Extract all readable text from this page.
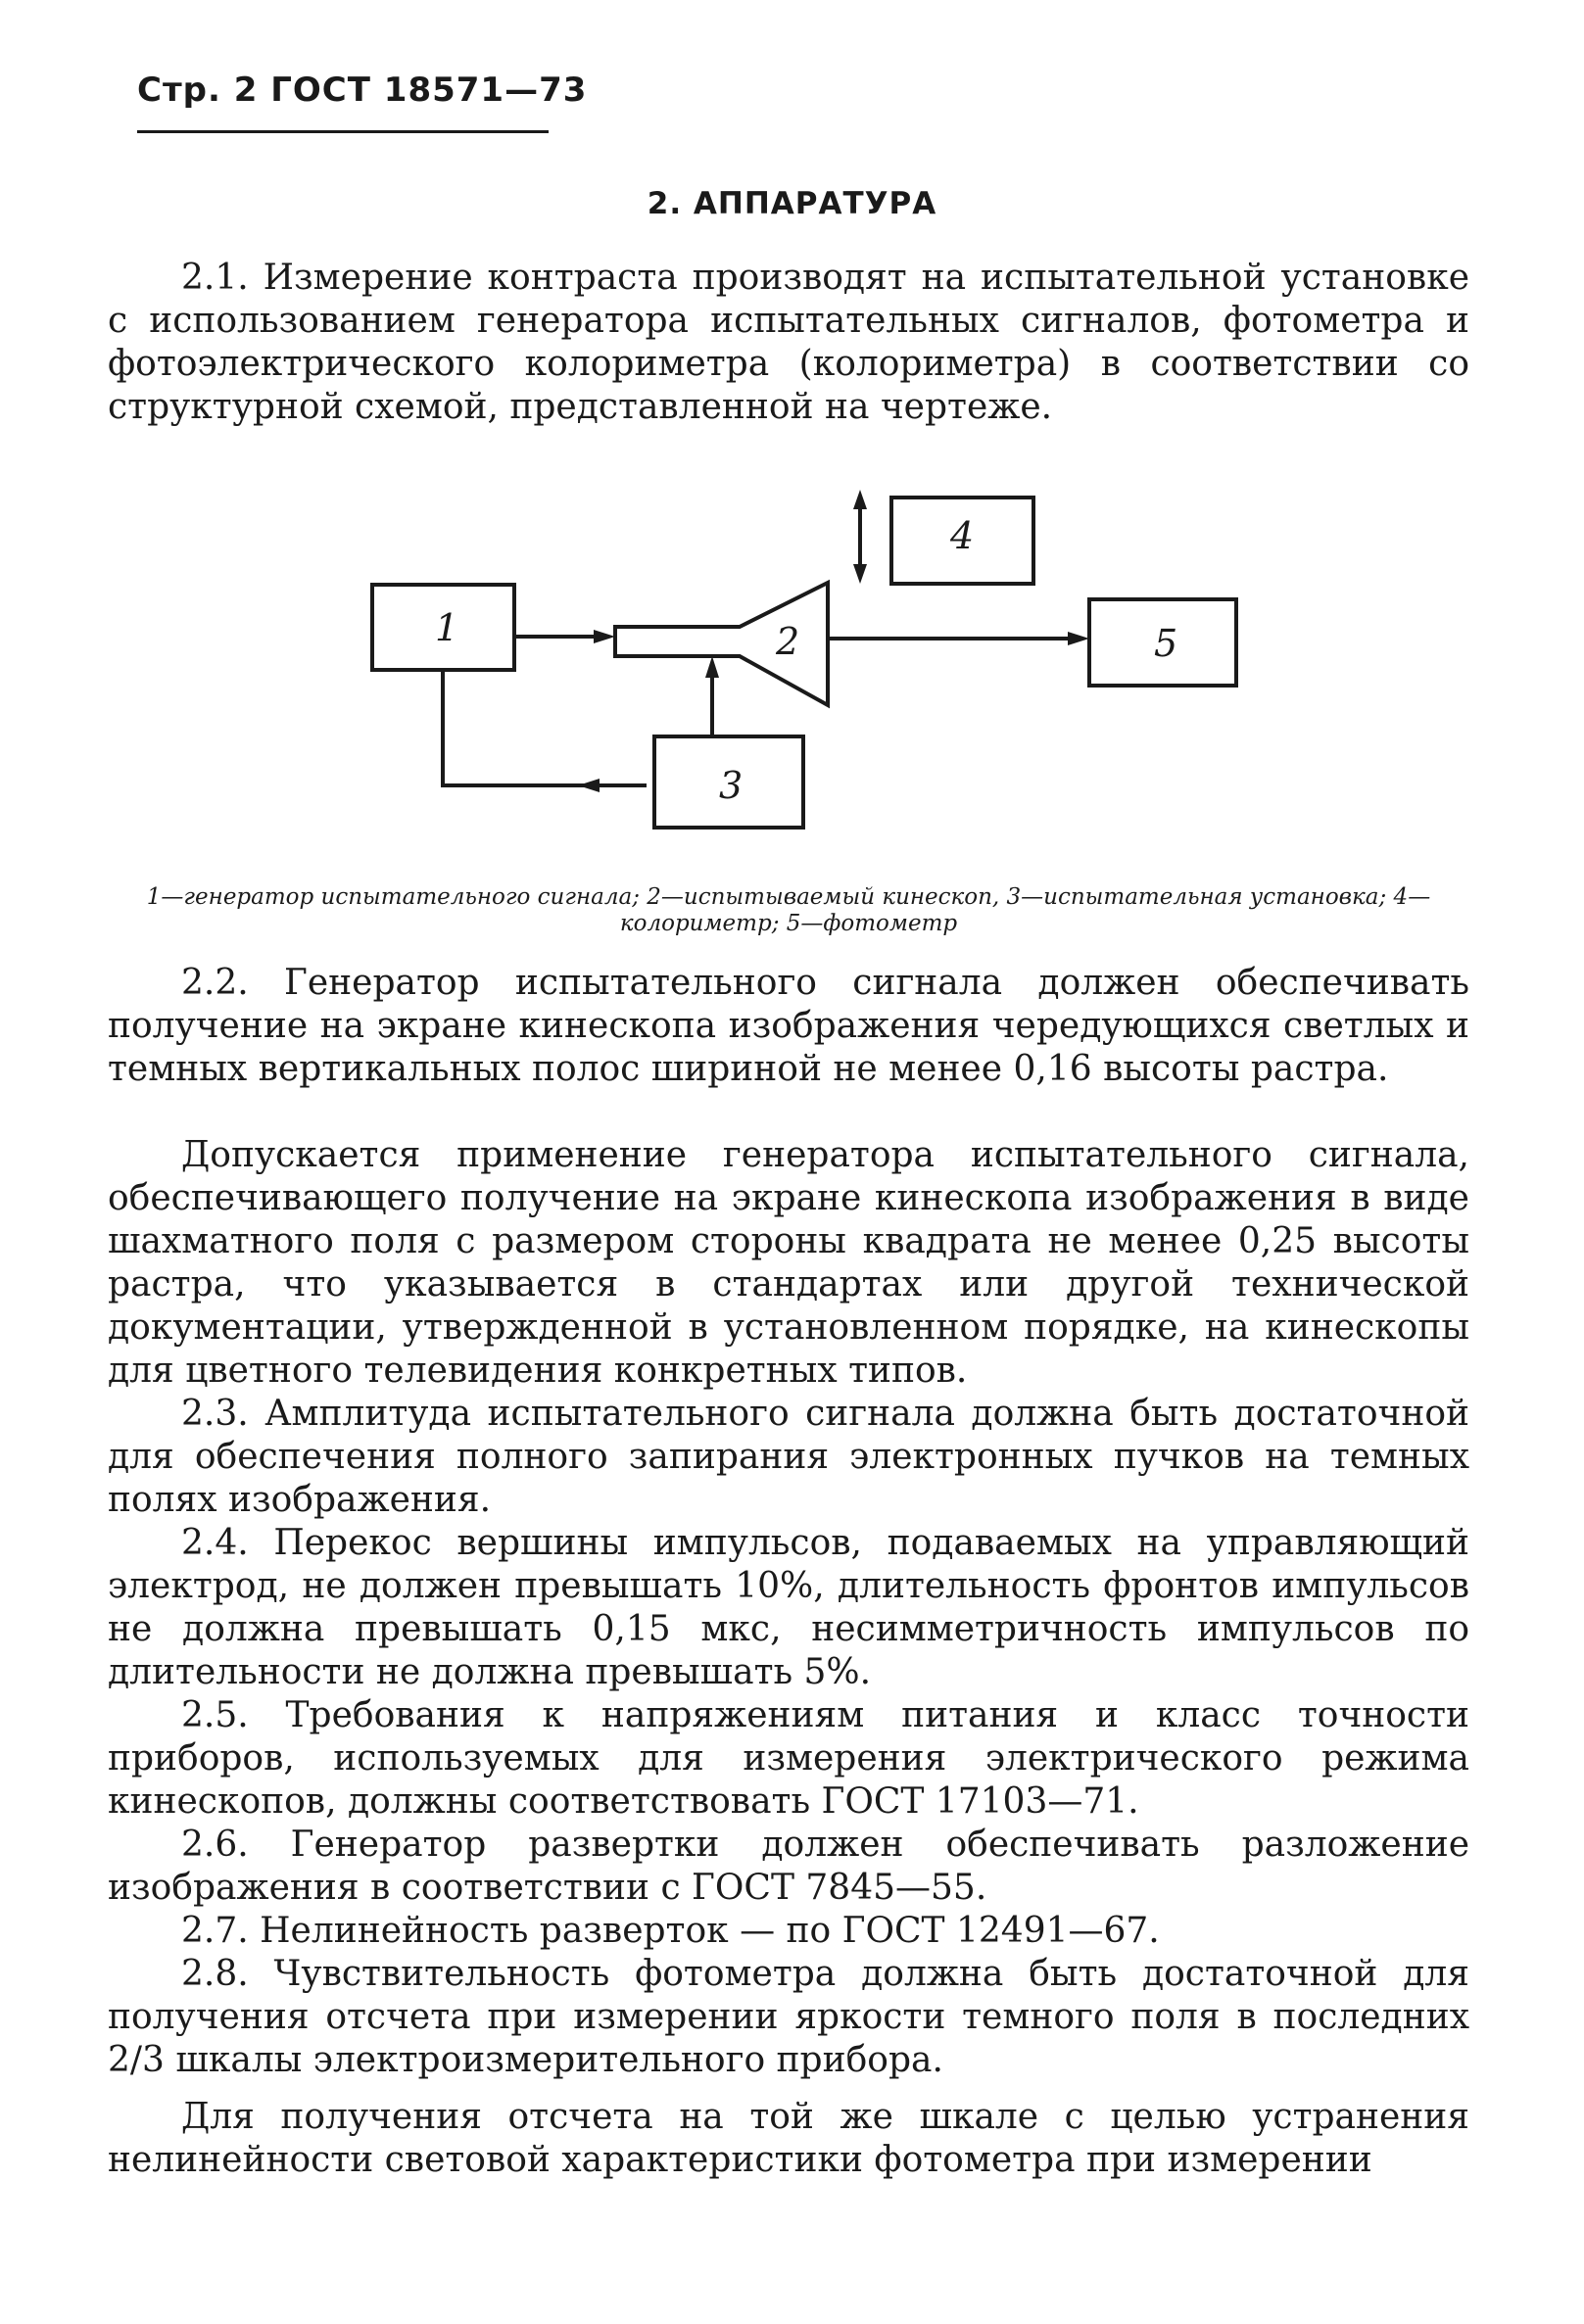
Стр. 2 ГОСТ 18571—73
2. АППАРАТУРА

2.1. Измерение контраста производят на испытательной установке с использованием генератора испытательных сигналов, фотометра и фотоэлектрического колориметра (колориметра) в соответствии со структурной схемой, представленной на чертеже.

1	2
3
4
5
1—генератор испытательного сигнала; 2—испытываемый кинескоп, 3—испытательная установка; 4—колориметр; 5—фотометр

2.2. Генератор испытательного сигнала должен обеспечивать получение на экране кинескопа изображения чередующихся светлых и темных вертикальных полос шириной не менее 0,16 высоты растра.

Допускается применение генератора испытательного сигнала, обеспечивающего получение на экране кинескопа изображения в виде шахматного поля с размером стороны квадрата не менее 0,25 высоты растра, что указывается в стандартах или другой технической документации, утвержденной в установленном порядке, на кинескопы для цветного телевидения конкретных типов.

2.3. Амплитуда испытательного сигнала должна быть достаточной для обеспечения полного запирания электронных пучков на темных полях изображения.

2.4. Перекос вершины импульсов, подаваемых на управляющий электрод, не должен превышать 10%, длительность фронтов импульсов не должна превышать 0,15 мкс, несимметричность импульсов по длительности не должна превышать 5%.

2.5. Требования к напряжениям питания и класс точности приборов, используемых для измерения электрического режима кинескопов, должны соответствовать ГОСТ 17103—71.

2.6. Генератор развертки должен обеспечивать разложение изображения в соответствии с ГОСТ 7845—55.

2.7. Нелинейность разверток — по ГОСТ 12491—67.

2.8. Чувствительность фотометра должна быть достаточной для получения отсчета при измерении яркости темного поля в последних 2/3 шкалы электроизмерительного прибора.

Для получения отсчета на той же шкале с целью устранения нелинейности световой характеристики фотометра при измерении
